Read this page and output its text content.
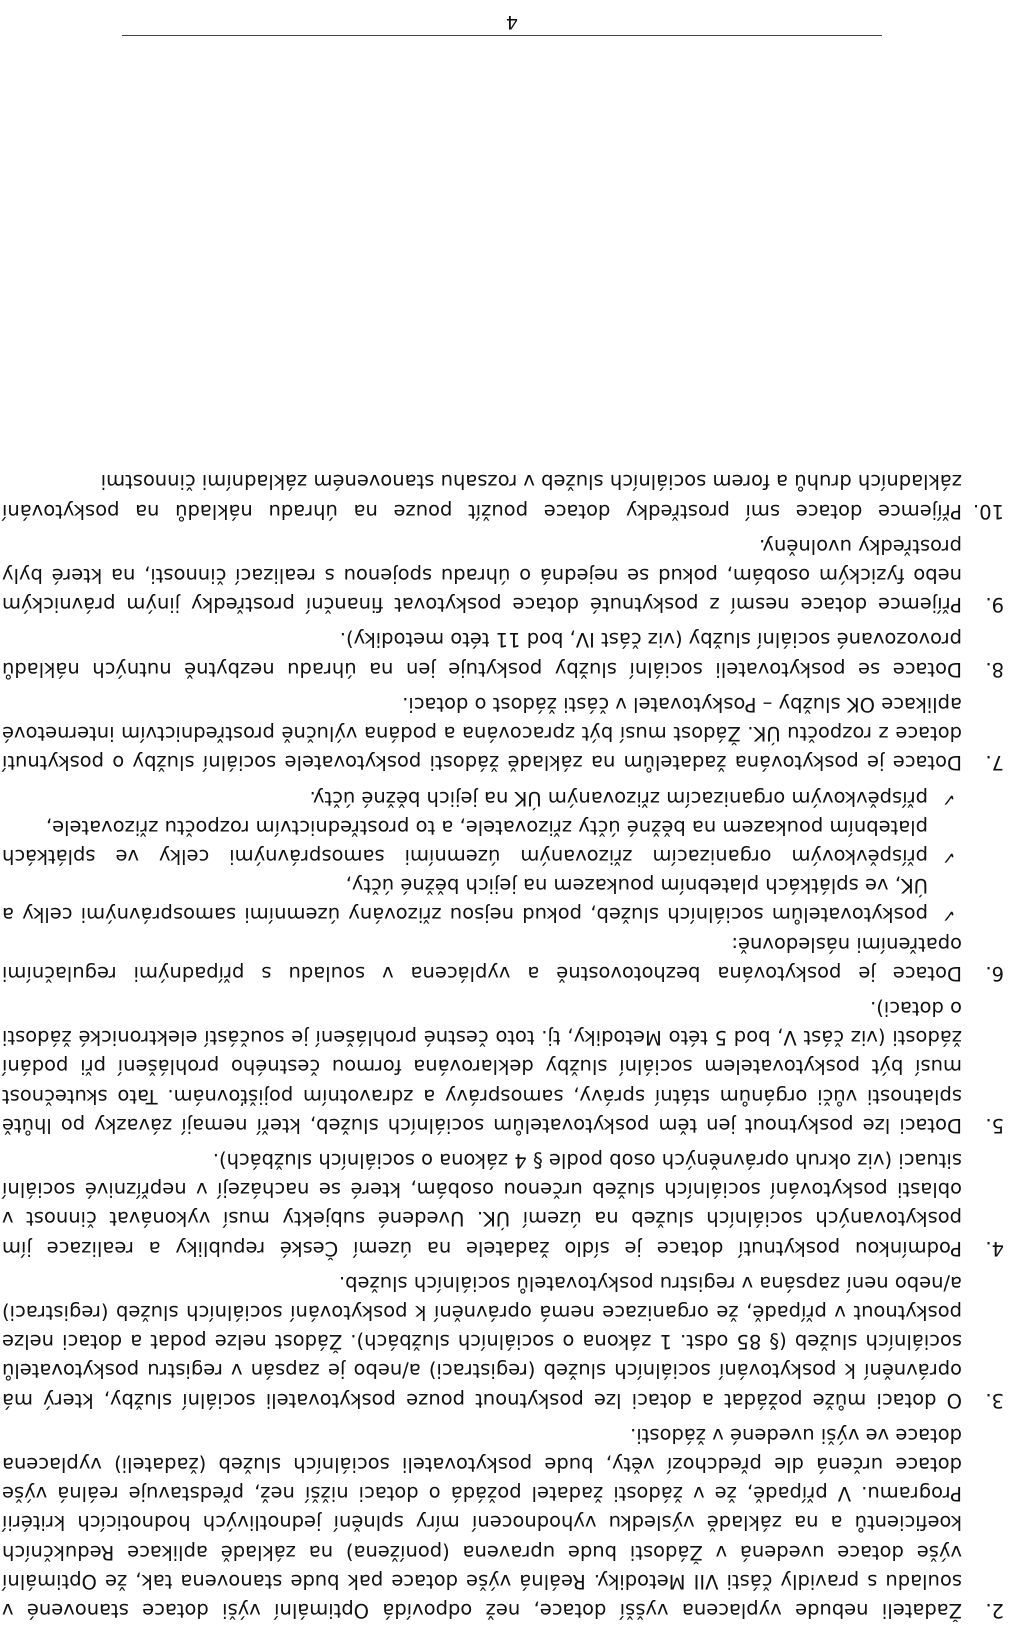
2.
Žadateli nebude vyplacena vyšší dotace, než odpovídá Optimální výši dotace stanovené v souladu s pravidly části VII Metodiky. Reálná výše dotace pak bude stanovena tak, že Optimální výše dotace uvedená v Žádosti bude upravena (ponížena) na základě aplikace Redukčních koeficientů a na základě výsledku vyhodnocení míry splnění jednotlivých hodnoticích kritérií Programu. V případě, že v žádosti žadatel požádá o dotaci nižší než, představuje reálná výše dotace určená dle předchozí věty, bude poskytovateli sociálních služeb (žadateli) vyplacena dotace ve výši uvedené v žádosti.
3.
O dotaci může požádat a dotaci lze poskytnout pouze poskytovateli sociální služby, který má oprávnění k poskytování sociálních služeb (registraci) a/nebo je zapsán v registru poskytovatelů sociálních služeb (§ 85 odst. 1 zákona o sociálních službách). Žádost nelze podat a dotaci nelze poskytnout v případě, že organizace nemá oprávnění k poskytování sociálních služeb (registraci) a/nebo není zapsána v registru poskytovatelů sociálních služeb.
4.
Podmínkou poskytnutí dotace je sídlo žadatele na území České republiky a realizace jím poskytovaných sociálních služeb na území ÚK. Uvedené subjekty musí vykonávat činnost v oblasti poskytování sociálních služeb určenou osobám, které se nacházejí v nepříznivé sociální situaci (viz okruh oprávněných osob podle § 4 zákona o sociálních službách).
5.
Dotaci lze poskytnout jen těm poskytovatelům sociálních služeb, kteří nemají závazky po lhůtě splatnosti vůči orgánům státní správy, samosprávy a zdravotním pojišťovnám. Tato skutečnost musí být poskytovatelem sociální služby deklarována formou čestného prohlášení při podání žádosti (viz část V, bod 5 této Metodiky, tj. toto čestné prohlášení je součástí elektronické žádosti o dotaci).
6.

Dotace je poskytována bezhotovostně a vyplácena v souladu s případnými regulačními opatřeními následovně:

✓
poskytovatelům sociálních služeb, pokud nejsou zřizovány územními samosprávnými celky a ÚK, ve splátkách platebním poukazem na jejich běžné účty,
✓
příspěvkovým organizacím zřizovaným územními samosprávnými celky ve splátkách platebním poukazem na běžné účty zřizovatele, a to prostřednictvím rozpočtu zřizovatele,
✓
příspěvkovým organizacím zřizovaným ÚK na jejich běžné účty.
7.
Dotace je poskytována žadatelům na základě žádosti poskytovatele sociální služby o poskytnutí dotace z rozpočtu ÚK. Žádost musí být zpracována a podána výlučně prostřednictvím internetové aplikace OK služby – Poskytovatel v části žádost o dotaci.
8.
Dotace se poskytovateli sociální služby poskytuje jen na úhradu nezbytně nutných nákladů provozované sociální služby (viz část IV, bod 11 této metodiky).
9.
Příjemce dotace nesmí z poskytnuté dotace poskytovat finanční prostředky jiným právnickým nebo fyzickým osobám, pokud se nejedná o úhradu spojenou s realizací činnosti, na které byly prostředky uvolněny.
10.
Příjemce dotace smí prostředky dotace použít pouze na úhradu nákladů na poskytování základních druhů a forem sociálních služeb v rozsahu stanoveném základními činnostmi
4
